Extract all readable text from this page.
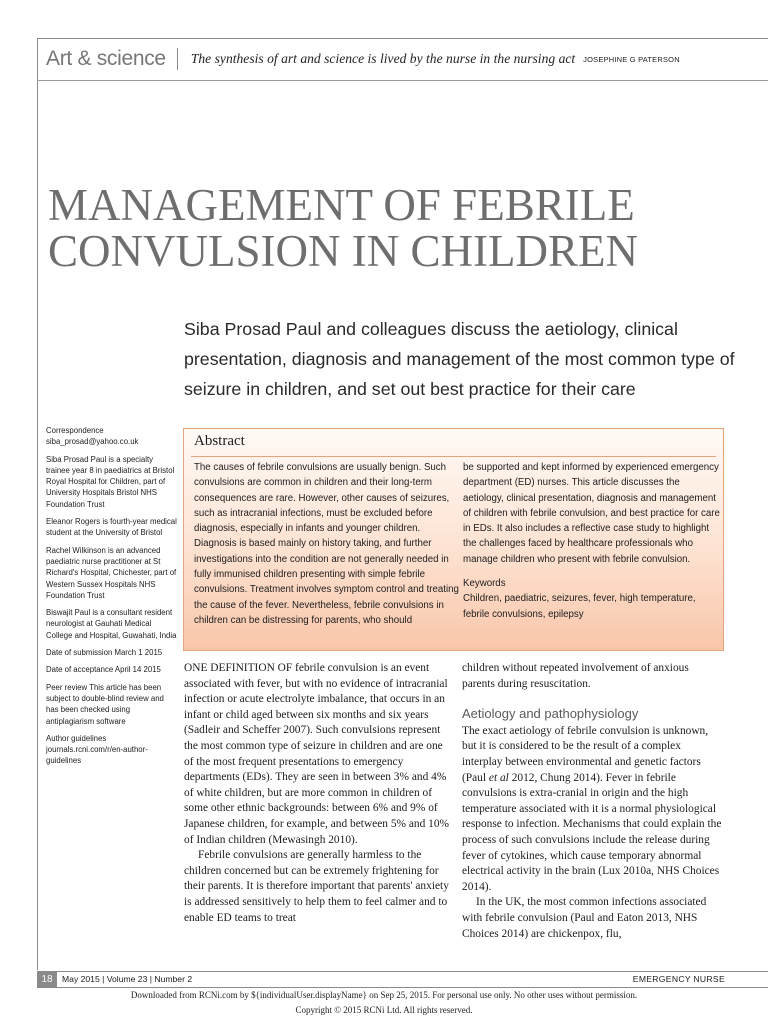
Art & science The synthesis of art and science is lived by the nurse in the nursing act JOSEPHINE G PATERSON
MANAGEMENT OF FEBRILE CONVULSION IN CHILDREN

Siba Prosad Paul and colleagues discuss the aetiology, clinical presentation, diagnosis and management of the most common type of seizure in children, and set out best practice for their care

Correspondence siba_prosad@yahoo.co.uk

Siba Prosad Paul is a specialty trainee year 8 in paediatrics at Bristol Royal Hospital for Children, part of University Hospitals Bristol NHS Foundation Trust

Eleanor Rogers is fourth-year medical student at the University of Bristol

Rachel Wilkinson is an advanced paediatric nurse practitioner at St Richard's Hospital, Chichester, part of Western Sussex Hospitals NHS Foundation Trust

Biswajit Paul is a consultant resident neurologist at Gauhati Medical College and Hospital, Guwahati, India

Date of submission March 1 2015

Date of acceptance April 14 2015

Peer review This article has been subject to double-blind review and has been checked using antiplagiarism software

Author guidelines journals.rcni.com/r/en-author-guidelines

Abstract

The causes of febrile convulsions are usually benign. Such convulsions are common in children and their long-term consequences are rare. However, other causes of seizures, such as intracranial infections, must be excluded before diagnosis, especially in infants and younger children. Diagnosis is based mainly on history taking, and further investigations into the condition are not generally needed in fully immunised children presenting with simple febrile convulsions. Treatment involves symptom control and treating the cause of the fever. Nevertheless, febrile convulsions in children can be distressing for parents, who should

be supported and kept informed by experienced emergency department (ED) nurses. This article discusses the aetiology, clinical presentation, diagnosis and management of children with febrile convulsion, and best practice for care in EDs. It also includes a reflective case study to highlight the challenges faced by healthcare professionals who manage children who present with febrile convulsion.

Keywords

Children, paediatric, seizures, fever, high temperature, febrile convulsions, epilepsy

ONE DEFINITION OF febrile convulsion is an event associated with fever, but with no evidence of intracranial infection or acute electrolyte imbalance, that occurs in an infant or child aged between six months and six years (Sadleir and Scheffer 2007). Such convulsions represent the most common type of seizure in children and are one of the most frequent presentations to emergency departments (EDs). They are seen in between 3% and 4% of white children, but are more common in children of some other ethnic backgrounds: between 6% and 9% of Japanese children, for example, and between 5% and 10% of Indian children (Mewasingh 2010).

Febrile convulsions are generally harmless to the children concerned but can be extremely frightening for their parents. It is therefore important that parents' anxiety is addressed sensitively to help them to feel calmer and to enable ED teams to treat

children without repeated involvement of anxious parents during resuscitation.

Aetiology and pathophysiology

The exact aetiology of febrile convulsion is unknown, but it is considered to be the result of a complex interplay between environmental and genetic factors (Paul et al 2012, Chung 2014). Fever in febrile convulsions is extra-cranial in origin and the high temperature associated with it is a normal physiological response to infection. Mechanisms that could explain the process of such convulsions include the release during fever of cytokines, which cause temporary abnormal electrical activity in the brain (Lux 2010a, NHS Choices 2014).

In the UK, the most common infections associated with febrile convulsion (Paul and Eaton 2013, NHS Choices 2014) are chickenpox, flu,

18	May 2015 | Volume 23 | Number 2	EMERGENCY NURSE
Downloaded from RCNi.com by ${individualUser.displayName} on Sep 25, 2015. For personal use only. No other uses without permission.
Copyright © 2015 RCNi Ltd. All rights reserved.
